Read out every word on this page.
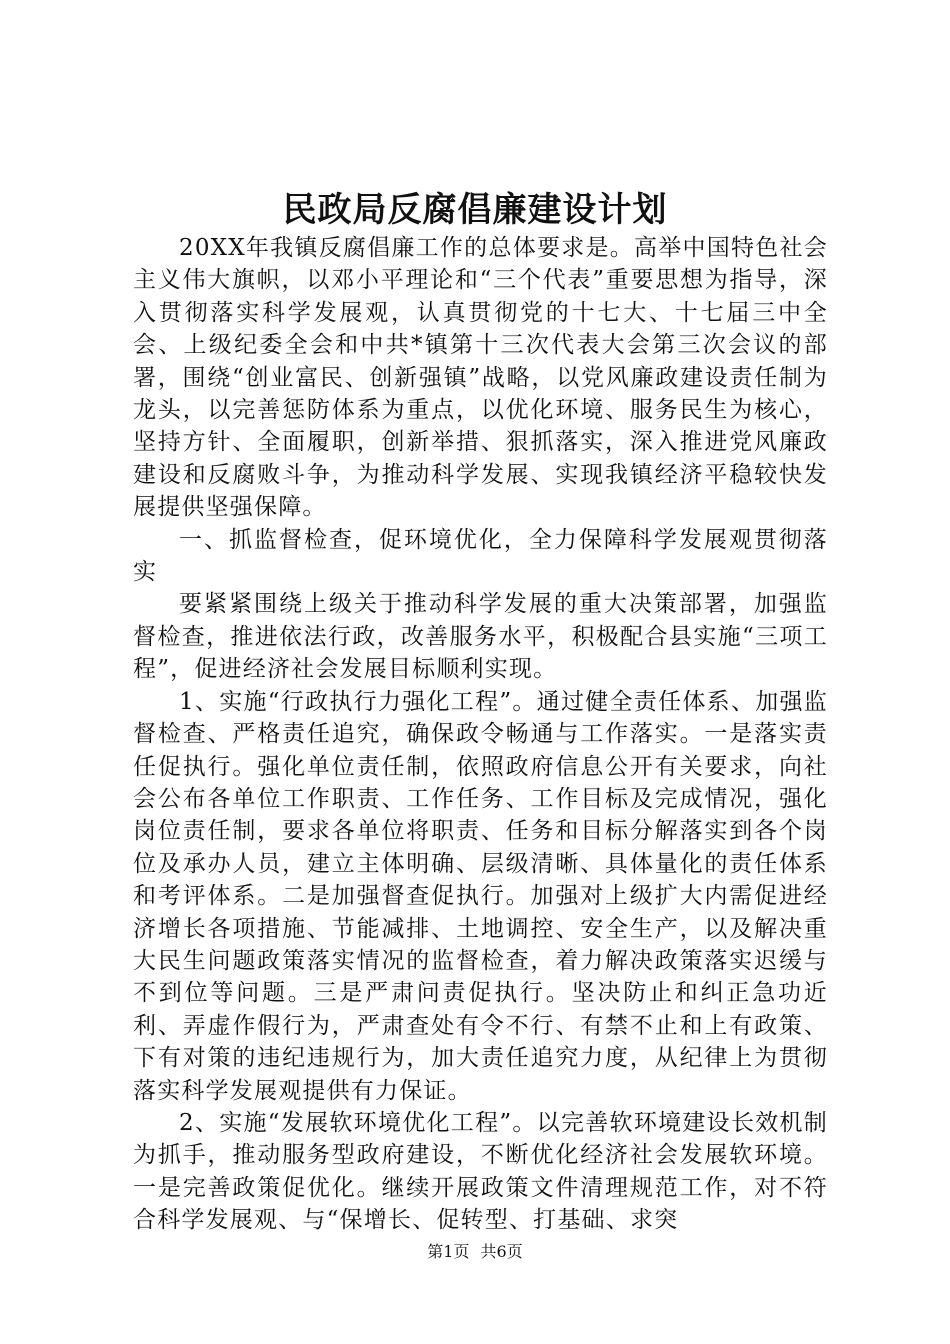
民政局反腐倡廉建设计划

20XX年我镇反腐倡廉工作的总体要求是。高举中国特色社会主义伟大旗帜，以邓小平理论和“三个代表”重要思想为指导，深入贯彻落实科学发展观，认真贯彻党的十七大、十七届三中全会、上级纪委全会和中共*镇第十三次代表大会第三次会议的部署，围绕“创业富民、创新强镇”战略，以党风廉政建设责任制为龙头，以完善惩防体系为重点，以优化环境、服务民生为核心，坚持方针、全面履职，创新举措、狠抓落实，深入推进党风廉政建设和反腐败斗争，为推动科学发展、实现我镇经济平稳较快发展提供坚强保障。

一、抓监督检查，促环境优化，全力保障科学发展观贯彻落实

要紧紧围绕上级关于推动科学发展的重大决策部署，加强监督检查，推进依法行政，改善服务水平，积极配合县实施“三项工程”，促进经济社会发展目标顺利实现。

1、实施“行政执行力强化工程”。通过健全责任体系、加强监督检查、严格责任追究，确保政令畅通与工作落实。一是落实责任促执行。强化单位责任制，依照政府信息公开有关要求，向社会公布各单位工作职责、工作任务、工作目标及完成情况，强化岗位责任制，要求各单位将职责、任务和目标分解落实到各个岗位及承办人员，建立主体明确、层级清晰、具体量化的责任体系和考评体系。二是加强督查促执行。加强对上级扩大内需促进经济增长各项措施、节能减排、土地调控、安全生产，以及解决重大民生问题政策落实情况的监督检查，着力解决政策落实迟缓与不到位等问题。三是严肃问责促执行。坚决防止和纠正急功近利、弄虚作假行为，严肃查处有令不行、有禁不止和上有政策、下有对策的违纪违规行为，加大责任追究力度，从纪律上为贯彻落实科学发展观提供有力保证。

2、实施“发展软环境优化工程”。以完善软环境建设长效机制为抓手，推动服务型政府建设，不断优化经济社会发展软环境。一是完善政策促优化。继续开展政策文件清理规范工作，对不符合科学发展观、与“保增长、促转型、打基础、求突

第1页 共6页
